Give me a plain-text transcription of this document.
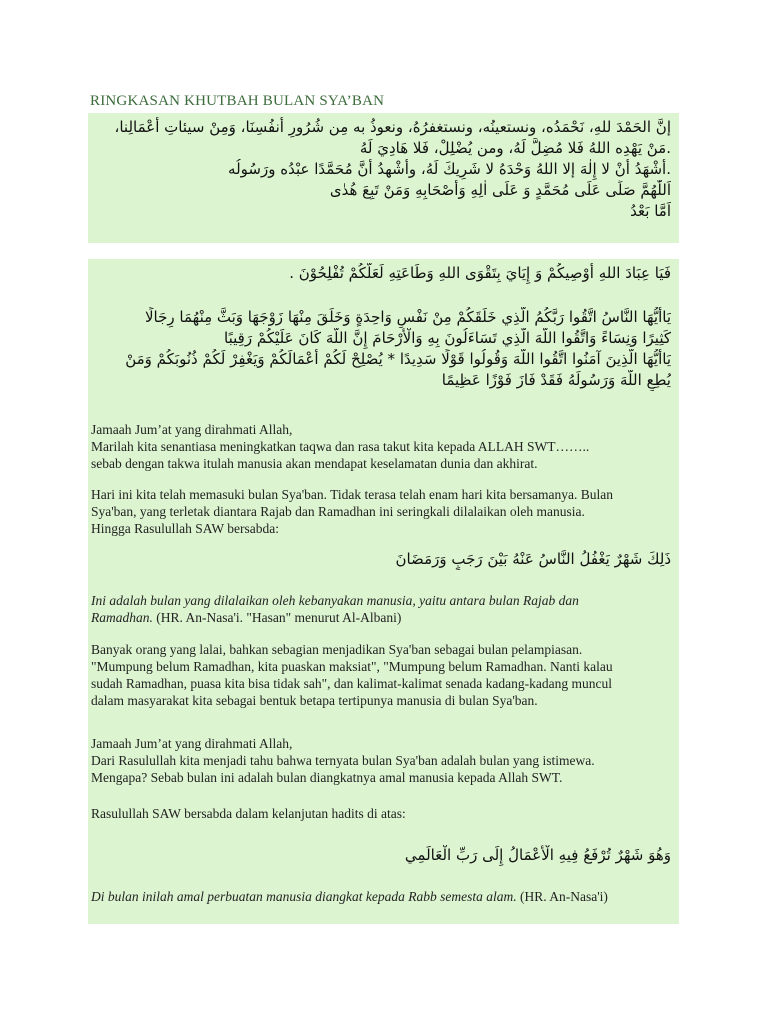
RINGKASAN KHUTBAH BULAN SYA’BAN
إنَّ الحَمْدَ للهِ، نَحْمَدُه، ونستعينُه، ونستغفرُهُ، ونعوذُ به مِن شُرُورِ أنفُسِنَا، وَمِنْ سيئاتِ أعْمَالِنا،
.مَنْ يَهْدِه اللهُ فَلا مُضِلَّ لَهُ، ومن يُضْلِلْ، فَلا هَادِيَ لَهُ
.أَشْهَدُ أَنْ لا إِلٰهَ إلا اللهُ وَحْدَهُ لا شَرِيكَ لَهُ، وأَشْهدُ أنَّ مُحَمَّدًا عبْدُه ورَسُولُه
اَللّٰهُمَّ صَلِّى عَلَى مُحَمَّدٍ وَ عَلَى اٰلِهِ وَأَصْحَابِهِ وَمَنْ تَبِعَ هُدٰى
اَمَّا بَعْدُ
فَيَا عِبَادَ اللهِ أُوْصِيكُمْ وَ إِيَايَ بِتَقْوَى اللهِ وَطَاعَتِهِ لَعَلَّكُمْ تُفْلِحُوْنَ .
يَاأَيُّهَا النَّاسُ اتَّقُوا رَبَّكُمُ الَّذِي خَلَقَكُمْ مِنْ نَفْسٍ وَاحِدَةٍ وَخَلَقَ مِنْهَا زَوْجَهَا وَبَثَّ مِنْهُمَا رِجَالًا
كَثِيرًا وَنِسَاءً وَاتَّقُوا اللَّهَ الَّذِي تَسَاءَلُونَ بِهِ وَالْأَرْحَامَ إِنَّ اللَّهَ كَانَ عَلَيْكُمْ رَقِيبًا
يَاأَيُّهَا الَّذِينَ آمَنُوا اتَّقُوا اللَّهَ وَقُولُوا قَوْلًا سَدِيدًا * يُصْلِحْ لَكُمْ أَعْمَالَكُمْ وَيَغْفِرْ لَكُمْ ذُنُوبَكُمْ وَمَنْ
يُطِعِ اللَّهَ وَرَسُولَهُ فَقَدْ فَازَ فَوْزًا عَظِيمًا
Jamaah Jum’at yang dirahmati Allah,
Marilah kita senantiasa meningkatkan taqwa dan rasa takut kita kepada ALLAH SWT……..
sebab dengan takwa itulah manusia akan mendapat keselamatan dunia dan akhirat.
Hari ini kita telah memasuki bulan Sya'ban. Tidak terasa telah enam hari kita bersamanya. Bulan
Sya'ban, yang terletak diantara Rajab dan Ramadhan ini seringkali dilalaikan oleh manusia.
Hingga Rasulullah SAW bersabda:
ذَلِكَ شَهْرٌ يَغْفُلُ النَّاسُ عَنْهُ بَيْنَ رَجَبٍ وَرَمَضَانَ
Ini adalah bulan yang dilalaikan oleh kebanyakan manusia, yaitu antara bulan Rajab dan
Ramadhan. (HR. An-Nasa'i. "Hasan" menurut Al-Albani)
Banyak orang yang lalai, bahkan sebagian menjadikan Sya'ban sebagai bulan pelampiasan.
"Mumpung belum Ramadhan, kita puaskan maksiat", "Mumpung belum Ramadhan. Nanti kalau
sudah Ramadhan, puasa kita bisa tidak sah", dan kalimat-kalimat senada kadang-kadang muncul
dalam masyarakat kita sebagai bentuk betapa tertipunya manusia di bulan Sya'ban.
Jamaah Jum’at yang dirahmati Allah,
Dari Rasulullah kita menjadi tahu bahwa ternyata bulan Sya'ban adalah bulan yang istimewa.
Mengapa? Sebab bulan ini adalah bulan diangkatnya amal manusia kepada Allah SWT.
Rasulullah SAW bersabda dalam kelanjutan hadits di atas:
وَهُوَ شَهْرٌ تُرْفَعُ فِيهِ الْأَعْمَالُ إِلَى رَبِّ الْعَالَمِي
Di bulan inilah amal perbuatan manusia diangkat kepada Rabb semesta alam. (HR. An-Nasa'i)
